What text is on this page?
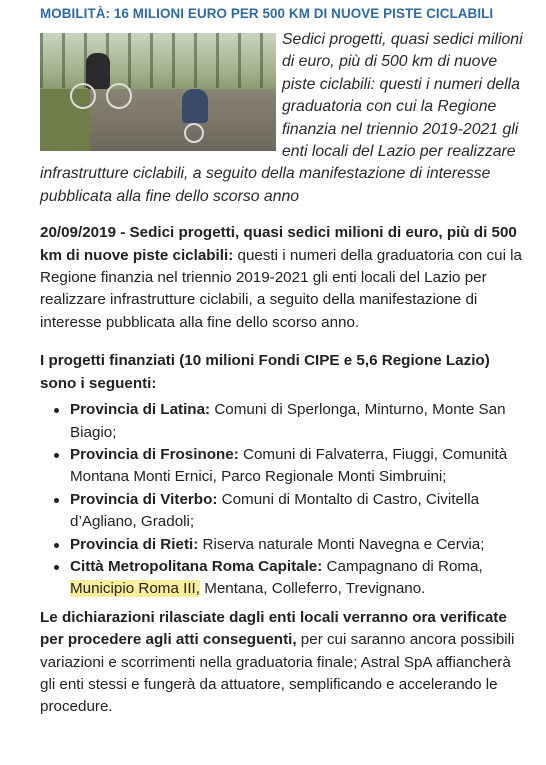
MOBILITÀ: 16 MILIONI EURO PER 500 KM DI NUOVE PISTE CICLABILI
Sedici progetti, quasi sedici milioni di euro, più di 500 km di nuove piste ciclabili: questi i numeri della graduatoria con cui la Regione finanzia nel triennio 2019-2021 gli enti locali del Lazio per realizzare infrastrutture ciclabili, a seguito della manifestazione di interesse pubblicata alla fine dello scorso anno

20/09/2019 - Sedici progetti, quasi sedici milioni di euro, più di 500 km di nuove piste ciclabili: questi i numeri della graduatoria con cui la Regione finanzia nel triennio 2019-2021 gli enti locali del Lazio per realizzare infrastrutture ciclabili, a seguito della manifestazione di interesse pubblicata alla fine dello scorso anno.

I progetti finanziati (10 milioni Fondi CIPE e 5,6 Regione Lazio) sono i seguenti:
Provincia di Latina: Comuni di Sperlonga, Minturno, Monte San Biagio;
Provincia di Frosinone: Comuni di Falvaterra, Fiuggi, Comunità Montana Monti Ernici, Parco Regionale Monti Simbruini;
Provincia di Viterbo: Comuni di Montalto di Castro, Civitella d’Agliano, Gradoli;
Provincia di Rieti: Riserva naturale Monti Navegna e Cervia;
Città Metropolitana Roma Capitale: Campagnano di Roma, Municipio Roma III, Mentana, Colleferro, Trevignano.

Le dichiarazioni rilasciate dagli enti locali verranno ora verificate per procedere agli atti conseguenti, per cui saranno ancora possibili variazioni e scorrimenti nella graduatoria finale; Astral SpA affiancherà gli enti stessi e fungerà da attuatore, semplificando e accelerando le procedure.
